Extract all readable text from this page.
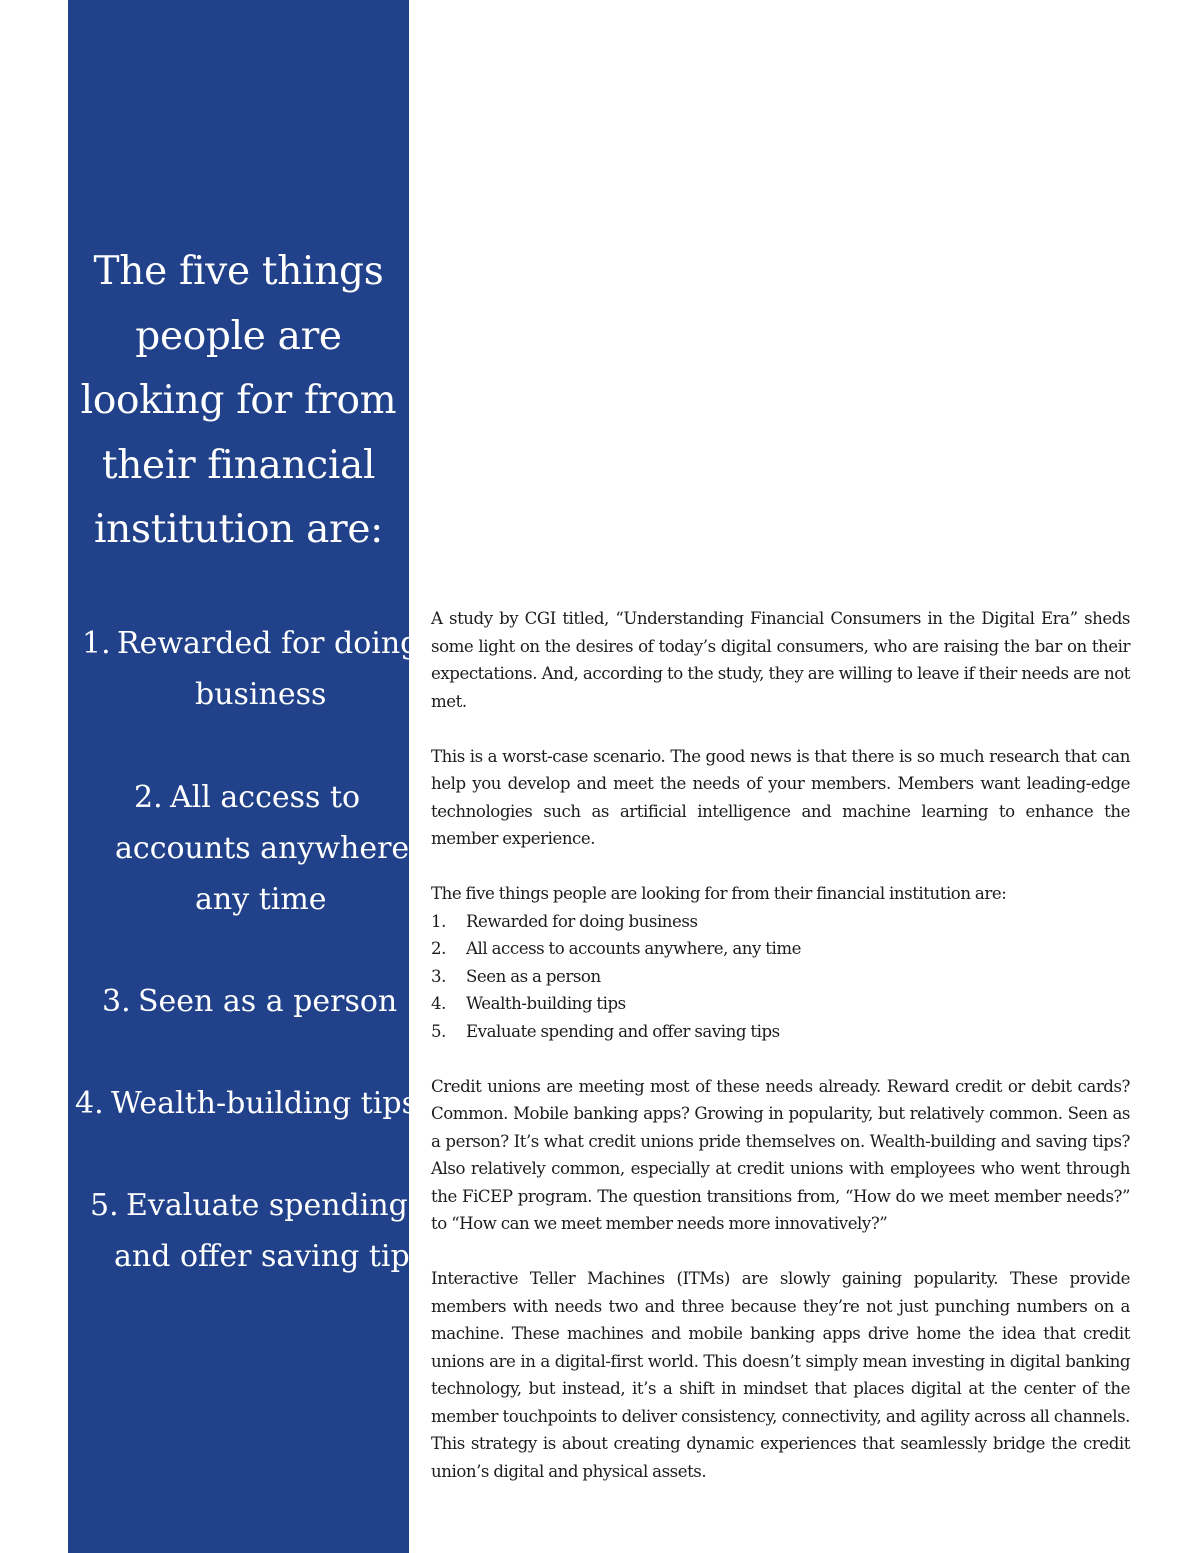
The five things people are looking for from their financial institution are:
1. Rewarded for doing
business
2. All access to
accounts anywhere,
any time
3. Seen as a person
4. Wealth-building tips
5. Evaluate spending
and offer saving tips

A study by CGI titled, “Understanding Financial Consumers in the Digital Era” sheds some light on the desires of today’s digital consumers, who are raising the bar on their expectations. And, according to the study, they are willing to leave if their needs are not met.

This is a worst-case scenario. The good news is that there is so much research that can help you develop and meet the needs of your members. Members want leading-edge technologies such as artificial intelligence and machine learning to enhance the member experience.

The five things people are looking for from their financial institution are:
1. Rewarded for doing business
2. All access to accounts anywhere, any time
3. Seen as a person
4. Wealth-building tips
5. Evaluate spending and offer saving tips

Credit unions are meeting most of these needs already. Reward credit or debit cards? Common. Mobile banking apps? Growing in popularity, but relatively common. Seen as a person? It’s what credit unions pride themselves on. Wealth-building and saving tips? Also relatively common, especially at credit unions with employees who went through the FiCEP program. The question transitions from, “How do we meet member needs?” to “How can we meet member needs more innovatively?”

Interactive Teller Machines (ITMs) are slowly gaining popularity. These provide members with needs two and three because they’re not just punching numbers on a machine. These machines and mobile banking apps drive home the idea that credit unions are in a digital-first world. This doesn’t simply mean investing in digital banking technology, but instead, it’s a shift in mindset that places digital at the center of the member touchpoints to deliver consistency, connectivity, and agility across all channels. This strategy is about creating dynamic experiences that seamlessly bridge the credit union’s digital and physical assets.
